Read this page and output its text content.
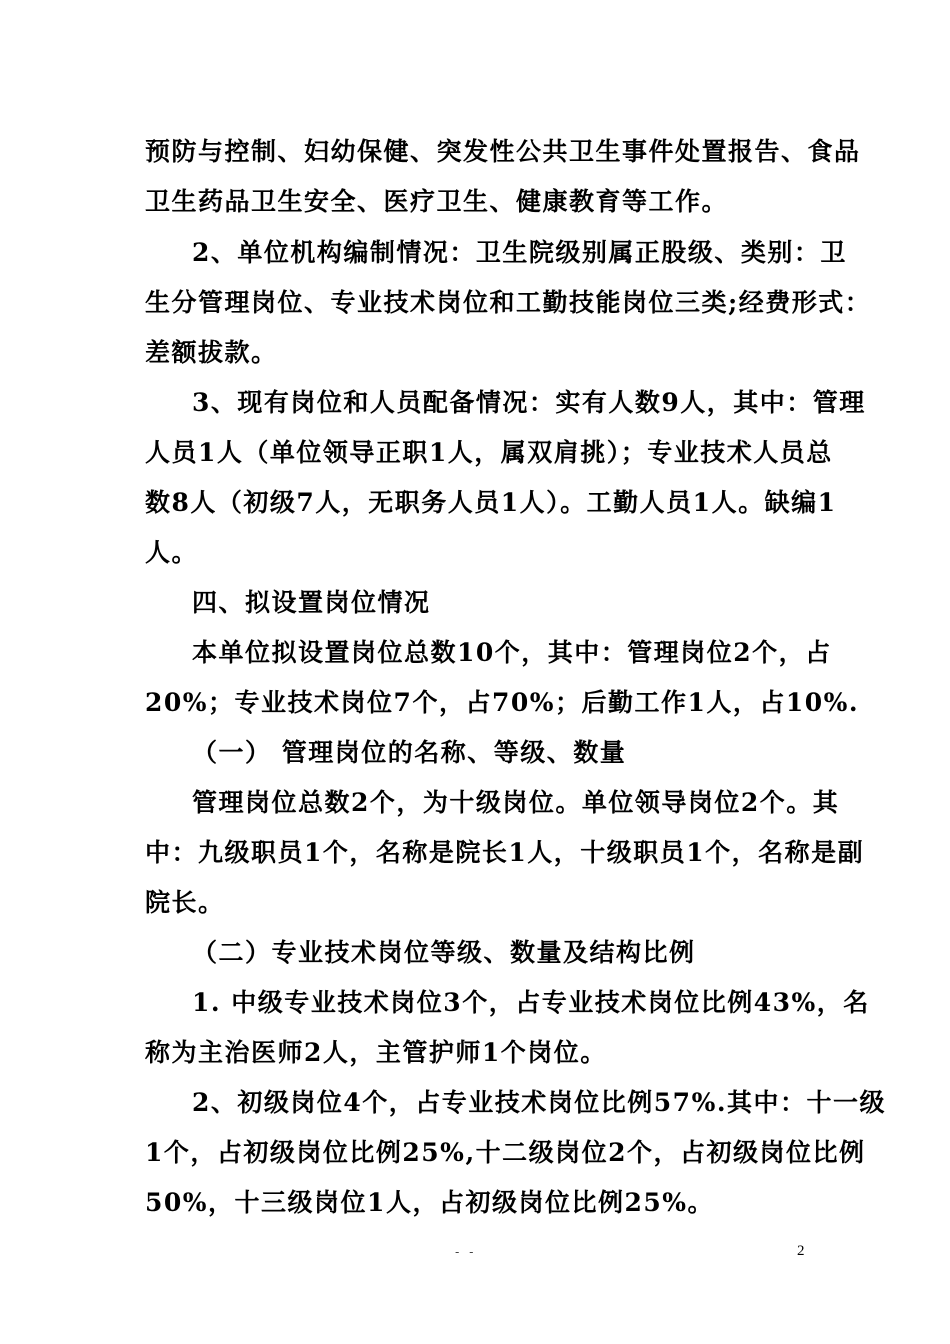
预防与控制、妇幼保健、突发性公共卫生事件处置报告、食品
卫生药品卫生安全、医疗卫生、健康教育等工作。
2、单位机构编制情况：卫生院级别属正股级、类别：卫
生分管理岗位、专业技术岗位和工勤技能岗位三类;经费形式：
差额拔款。
3、现有岗位和人员配备情况：实有人数9人，其中：管理
人员1人（单位领导正职1人，属双肩挑）；专业技术人员总
数8人（初级7人，无职务人员1人）。工勤人员1人。缺编1
人。
四、拟设置岗位情况
本单位拟设置岗位总数10个，其中：管理岗位2个，占
20%；专业技术岗位7个，占70%；后勤工作1人，占10%.
（一） 管理岗位的名称、等级、数量
管理岗位总数2个，为十级岗位。单位领导岗位2个。其
中：九级职员1个，名称是院长1人，十级职员1个，名称是副
院长。
（二）专业技术岗位等级、数量及结构比例
1. 中级专业技术岗位3个，占专业技术岗位比例43%，名
称为主治医师2人，主管护师1个岗位。
2、初级岗位4个，占专业技术岗位比例57%.其中：十一级
1个，占初级岗位比例25%,十二级岗位2个，占初级岗位比例
50%，十三级岗位1人，占初级岗位比例25%。
- -	2
